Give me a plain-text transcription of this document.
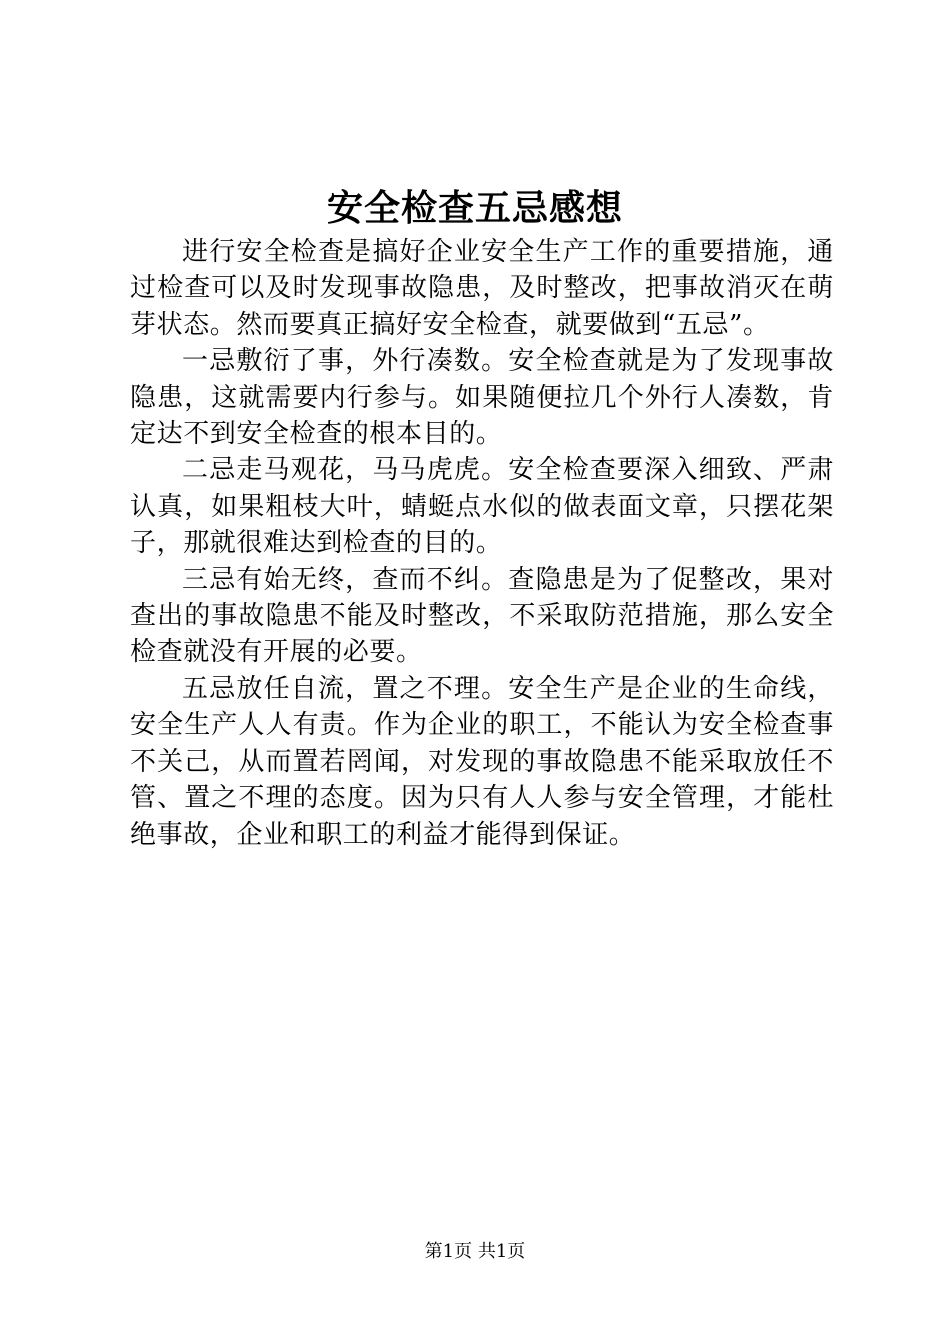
安全检查五忌感想

进行安全检查是搞好企业安全生产工作的重要措施，通过检查可以及时发现事故隐患，及时整改，把事故消灭在萌芽状态。然而要真正搞好安全检查，就要做到“五忌”。

一忌敷衍了事，外行凑数。安全检查就是为了发现事故隐患，这就需要内行参与。如果随便拉几个外行人凑数，肯定达不到安全检查的根本目的。

二忌走马观花，马马虎虎。安全检查要深入细致、严肃认真，如果粗枝大叶，蜻蜓点水似的做表面文章，只摆花架子，那就很难达到检查的目的。

三忌有始无终，查而不纠。查隐患是为了促整改，果对查出的事故隐患不能及时整改，不采取防范措施，那么安全检查就没有开展的必要。

五忌放任自流，置之不理。安全生产是企业的生命线，安全生产人人有责。作为企业的职工，不能认为安全检查事不关己，从而置若罔闻，对发现的事故隐患不能采取放任不管、置之不理的态度。因为只有人人参与安全管理，才能杜绝事故，企业和职工的利益才能得到保证。

第1页 共1页
